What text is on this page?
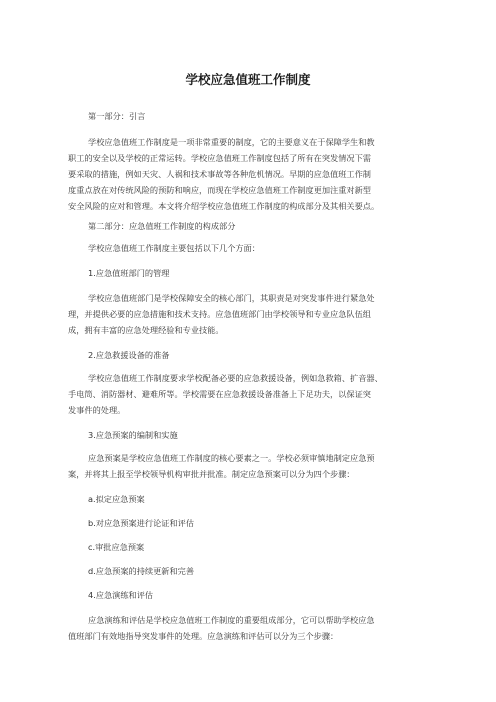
学校应急值班工作制度
第一部分：引言
学校应急值班工作制度是一项非常重要的制度，它的主要意义在于保障学生和教
职工的安全以及学校的正常运转。学校应急值班工作制度包括了所有在突发情况下需
要采取的措施，例如天灾、人祸和技术事故等各种危机情况。早期的应急值班工作制
度重点放在对传统风险的预防和响应，而现在学校应急值班工作制度更加注重对新型
安全风险的应对和管理。本文将介绍学校应急值班工作制度的构成部分及其相关要点。
第二部分：应急值班工作制度的构成部分
学校应急值班工作制度主要包括以下几个方面：
1.应急值班部门的管理
学校应急值班部门是学校保障安全的核心部门，其职责是对突发事件进行紧急处
理，并提供必要的应急措施和技术支持。应急值班部门由学校领导和专业应急队伍组
成，拥有丰富的应急处理经验和专业技能。
2.应急救援设备的准备
学校应急值班工作制度要求学校配备必要的应急救援设备，例如急救箱、扩音器、
手电筒、消防器材、避难所等。学校需要在应急救援设备准备上下足功夫，以保证突
发事件的处理。
3.应急预案的编制和实施
应急预案是学校应急值班工作制度的核心要素之一。学校必须审慎地制定应急预
案，并将其上报至学校领导机构审批并批准。制定应急预案可以分为四个步骤：
a.拟定应急预案
b.对应急预案进行论证和评估
c.审批应急预案
d.应急预案的持续更新和完善
4.应急演练和评估
应急演练和评估是学校应急值班工作制度的重要组成部分，它可以帮助学校应急
值班部门有效地指导突发事件的处理。应急演练和评估可以分为三个步骤：
